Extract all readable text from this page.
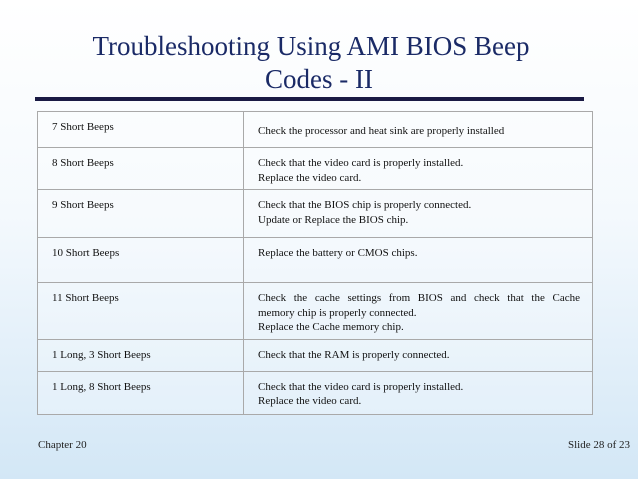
Troubleshooting Using AMI BIOS Beep
Codes - II
7 Short Beeps	Check the processor and heat sink are properly installed

8 Short Beeps	Check that the video card is properly installed.
Replace the video card.

9 Short Beeps	Check that the BIOS chip is properly connected.
Update or Replace the BIOS chip.

10 Short Beeps	Replace the battery or CMOS chips.

11 Short Beeps	Check the cache settings from BIOS and check that the Cache
memory chip is properly connected.
Replace the Cache memory chip.

1 Long, 3 Short Beeps	Check that the RAM is properly connected.

1 Long, 8 Short Beeps	Check that the video card is properly installed.
Replace the video card.
Chapter 20	Slide 28 of 23
